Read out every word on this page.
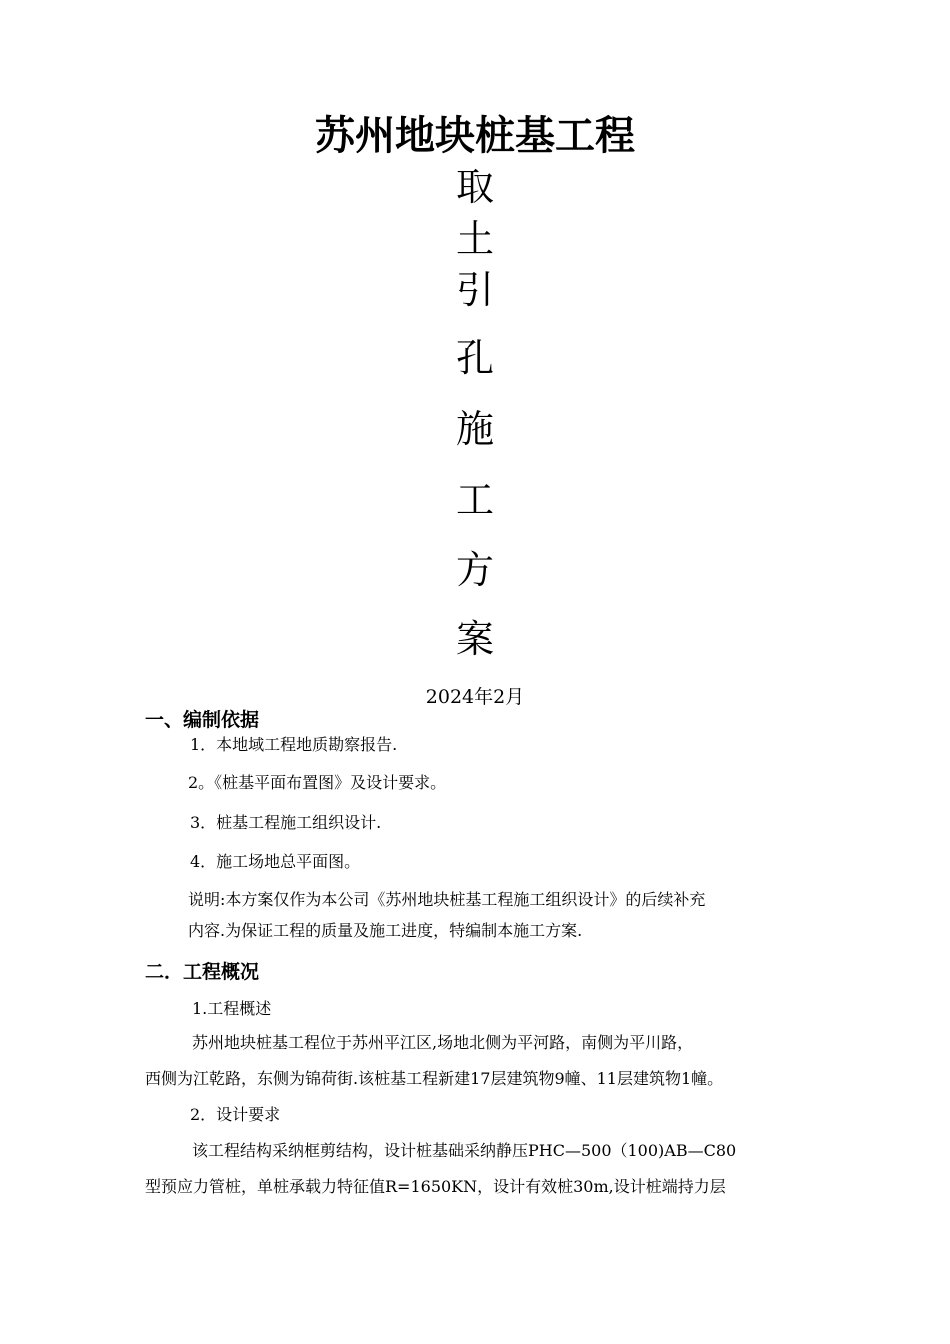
苏州地块桩基工程
取
土
引
孔
施
工
方
案
2024年2月
一、编制依据
1．本地域工程地质勘察报告.
2。《桩基平面布置图》及设计要求。
3．桩基工程施工组织设计.
4．施工场地总平面图。
说明:本方案仅作为本公司《苏州地块桩基工程施工组织设计》的后续补充
内容.为保证工程的质量及施工进度，特编制本施工方案.
二．工程概况
1.工程概述
苏州地块桩基工程位于苏州平江区,场地北侧为平河路，南侧为平川路，
西侧为江乾路，东侧为锦荷街.该桩基工程新建17层建筑物9幢、11层建筑物1幢。
2．设计要求
该工程结构采纳框剪结构，设计桩基础采纳静压PHC—500（100)AB—C80
型预应力管桩，单桩承载力特征值R=1650KN，设计有效桩30m,设计桩端持力层
